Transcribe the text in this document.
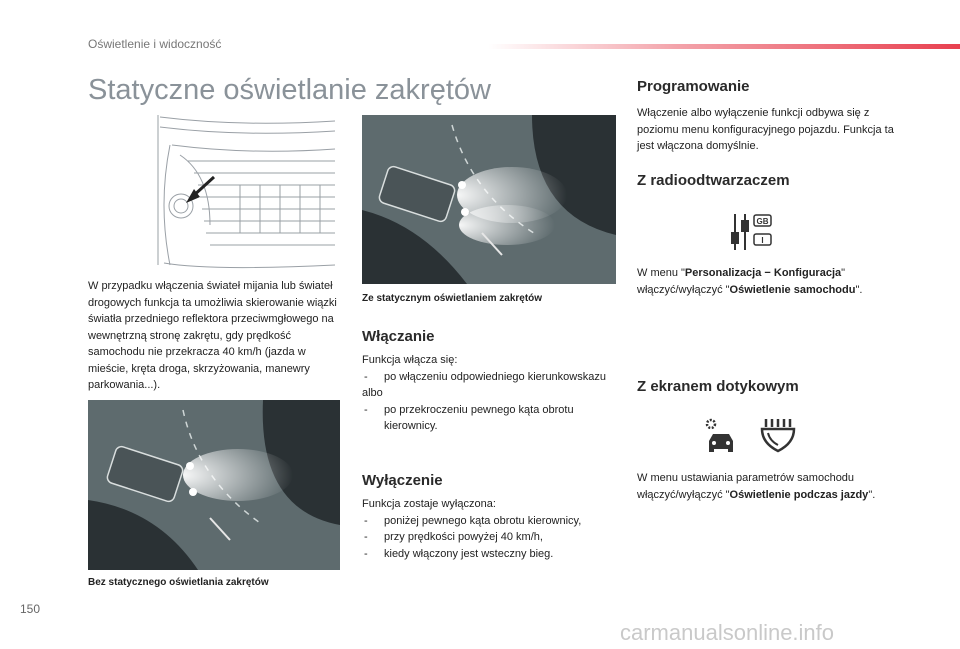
Oświetlenie i widoczność
Statyczne oświetlanie zakrętów
W przypadku włączenia świateł mijania lub świateł drogowych funkcja ta umożliwia skierowanie wiązki światła przedniego reflektora przeciwmgłowego na wewnętrzną stronę zakrętu, gdy prędkość samochodu nie przekracza 40 km/h (jazda w mieście, kręta droga, skrzyżowania, manewry parkowania...).
Ze statycznym oświetlaniem zakrętów
Włączanie
Funkcja włącza się:
- po włączeniu odpowiedniego kierunkowskazu
albo
- po przekroczeniu pewnego kąta obrotu kierownicy.
Wyłączenie
Funkcja zostaje wyłączona:
- poniżej pewnego kąta obrotu kierownicy,
- przy prędkości powyżej 40 km/h,
- kiedy włączony jest wsteczny bieg.
Bez statycznego oświetlania zakrętów
Programowanie
Włączenie albo wyłączenie funkcji odbywa się z poziomu menu konfiguracyjnego pojazdu. Funkcja ta jest włączona domyślnie.
Z radioodtwarzaczem
GB
I
W menu "Personalizacja − Konfiguracja" włączyć/wyłączyć "Oświetlenie samochodu".
Z ekranem dotykowym
W menu ustawiania parametrów samochodu włączyć/wyłączyć "Oświetlenie podczas jazdy".
150
carmanualsonline.info
